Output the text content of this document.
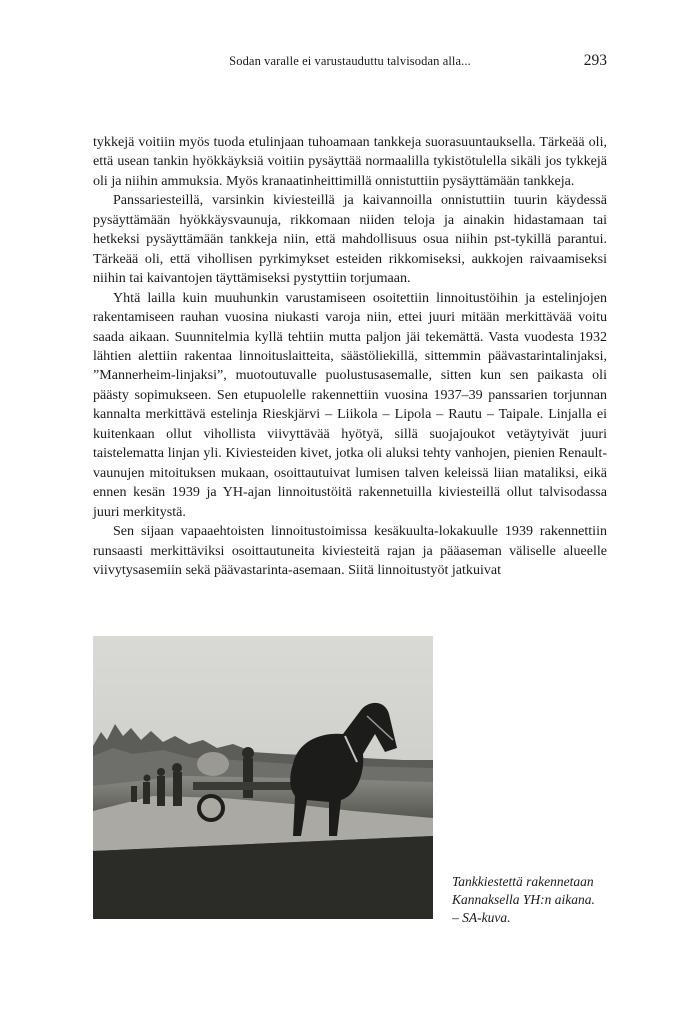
Sodan varalle ei varustauduttu talvisodan alla...	293

tykkejä voitiin myös tuoda etulinjaan tuhoamaan tankkeja suorasuuntauksella. Tärkeää oli, että usean tankin hyökkäyksiä voitiin pysäyttää normaalilla tykistötulella sikäli jos tykkejä oli ja niihin ammuksia. Myös kranaatinheittimillä onnistuttiin pysäyttämään tankkeja.

Panssariesteillä, varsinkin kiviesteillä ja kaivannoilla onnistuttiin tuurin käydessä pysäyttämään hyökkäysvaunuja, rikkomaan niiden teloja ja ainakin hidastamaan tai hetkeksi pysäyttämään tankkeja niin, että mahdollisuus osua niihin pst-tykillä parantui. Tärkeää oli, että vihollisen pyrkimykset esteiden rikkomiseksi, aukkojen raivaamiseksi niihin tai kaivantojen täyttämiseksi pystyttiin torjumaan.

Yhtä lailla kuin muuhunkin varustamiseen osoitettiin linnoitustöihin ja estelinjojen rakentamiseen rauhan vuosina niukasti varoja niin, ettei juuri mitään merkittävää voitu saada aikaan. Suunnitelmia kyllä tehtiin mutta paljon jäi tekemättä. Vasta vuodesta 1932 lähtien alettiin rakentaa linnoituslaitteita, säästöliekillä, sittemmin päävastarintalinjaksi, ”Mannerheim-linjaksi”, muotoutuvalle puolustusasemalle, sitten kun sen paikasta oli päästy sopimukseen. Sen etupuolelle rakennettiin vuosina 1937–39 panssarien torjunnan kannalta merkittävä estelinja Rieskjärvi – Liikola – Lipola – Rautu – Taipale. Linjalla ei kuitenkaan ollut vihollista viivyttävää hyötyä, sillä suojajoukot vetäytyivät juuri taistelematta linjan yli. Kiviesteiden kivet, jotka oli aluksi tehty vanhojen, pienien Renault-vaunujen mitoituksen mukaan, osoittautuivat lumisen talven keleissä liian mataliksi, eikä ennen kesän 1939 ja YH-ajan linnoitustöitä rakennetuilla kiviesteillä ollut talvisodassa juuri merkitystä.

Sen sijaan vapaaehtoisten linnoitustoimissa kesäkuulta-lokakuulle 1939 rakennettiin runsaasti merkittäviksi osoittautuneita kiviesteitä rajan ja pääaseman väliselle alueelle viivytysasemiin sekä päävastarinta-asemaan. Siitä linnoitustyöt jatkuivat

Tankkiestettä rakennetaan
Kannaksella YH:n aikana.
– SA-kuva.
